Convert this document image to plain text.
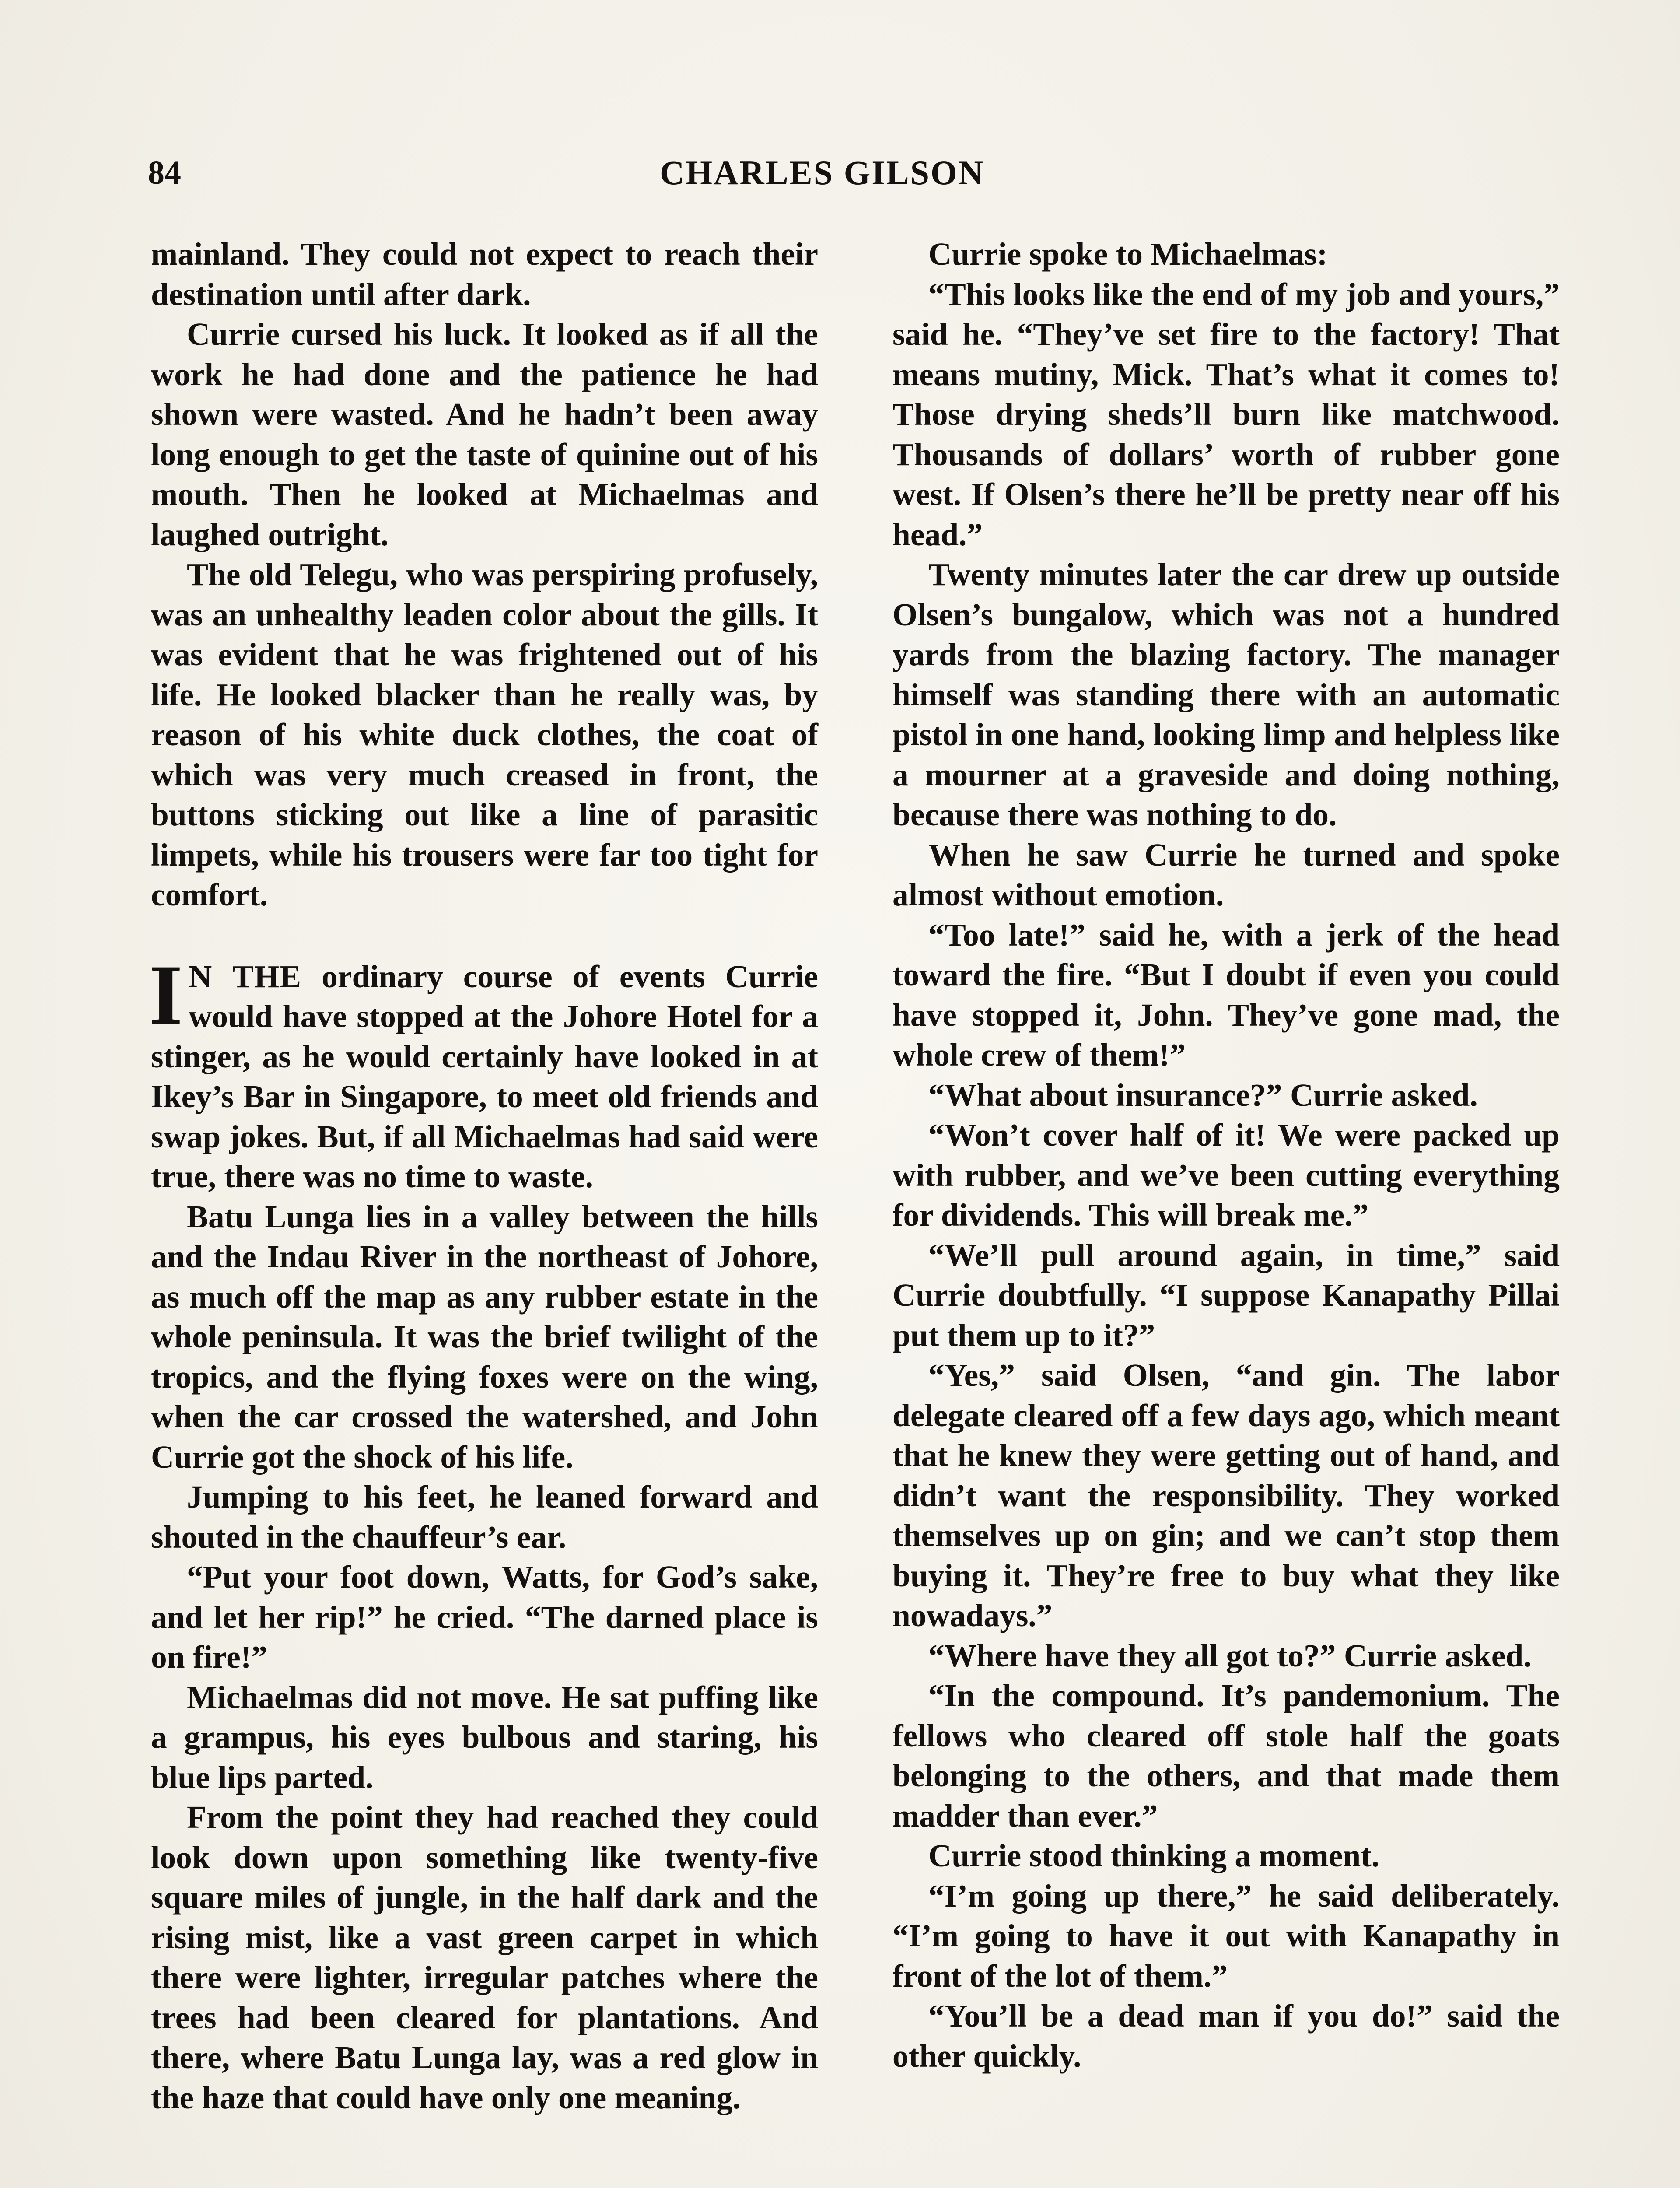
84	CHARLES GILSON

mainland. They could not expect to reach their destination until after dark.

Currie cursed his luck. It looked as if all the work he had done and the patience he had shown were wasted. And he hadn’t been away long enough to get the taste of quinine out of his mouth. Then he looked at Michaelmas and laughed outright.

The old Telegu, who was perspiring profusely, was an unhealthy leaden color about the gills. It was evident that he was frightened out of his life. He looked blacker than he really was, by reason of his white duck clothes, the coat of which was very much creased in front, the buttons sticking out like a line of parasitic limpets, while his trousers were far too tight for comfort.

I N THE ordinary course of events Currie would have stopped at the Johore Hotel for a stinger, as he would certainly have looked in at Ikey’s Bar in Singapore, to meet old friends and swap jokes. But, if all Michaelmas had said were true, there was no time to waste.

Batu Lunga lies in a valley between the hills and the Indau River in the northeast of Johore, as much off the map as any rubber estate in the whole peninsula. It was the brief twilight of the tropics, and the flying foxes were on the wing, when the car crossed the watershed, and John Currie got the shock of his life.

Jumping to his feet, he leaned forward and shouted in the chauffeur’s ear.

“Put your foot down, Watts, for God’s sake, and let her rip!” he cried. “The darned place is on fire!”

Michaelmas did not move. He sat puffing like a grampus, his eyes bulbous and staring, his blue lips parted.

From the point they had reached they could look down upon something like twenty-five square miles of jungle, in the half dark and the rising mist, like a vast green carpet in which there were lighter, irregular patches where the trees had been cleared for plantations. And there, where Batu Lunga lay, was a red glow in the haze that could have only one meaning.

Currie spoke to Michaelmas:

“This looks like the end of my job and yours,” said he. “They’ve set fire to the factory! That means mutiny, Mick. That’s what it comes to! Those drying sheds’ll burn like matchwood. Thousands of dollars’ worth of rubber gone west. If Olsen’s there he’ll be pretty near off his head.”

Twenty minutes later the car drew up outside Olsen’s bungalow, which was not a hundred yards from the blazing factory. The manager himself was standing there with an automatic pistol in one hand, looking limp and helpless like a mourner at a graveside and doing nothing, because there was nothing to do.

When he saw Currie he turned and spoke almost without emotion.

“Too late!” said he, with a jerk of the head toward the fire. “But I doubt if even you could have stopped it, John. They’ve gone mad, the whole crew of them!”

“What about insurance?” Currie asked.

“Won’t cover half of it! We were packed up with rubber, and we’ve been cutting everything for dividends. This will break me.”

“We’ll pull around again, in time,” said Currie doubtfully. “I suppose Kanapathy Pillai put them up to it?”

“Yes,” said Olsen, “and gin. The labor delegate cleared off a few days ago, which meant that he knew they were getting out of hand, and didn’t want the responsibility. They worked themselves up on gin; and we can’t stop them buying it. They’re free to buy what they like nowadays.”

“Where have they all got to?” Currie asked.

“In the compound. It’s pandemonium. The fellows who cleared off stole half the goats belonging to the others, and that made them madder than ever.”

Currie stood thinking a moment.

“I’m going up there,” he said deliberately. “I’m going to have it out with Kanapathy in front of the lot of them.”

“You’ll be a dead man if you do!” said the other quickly.
